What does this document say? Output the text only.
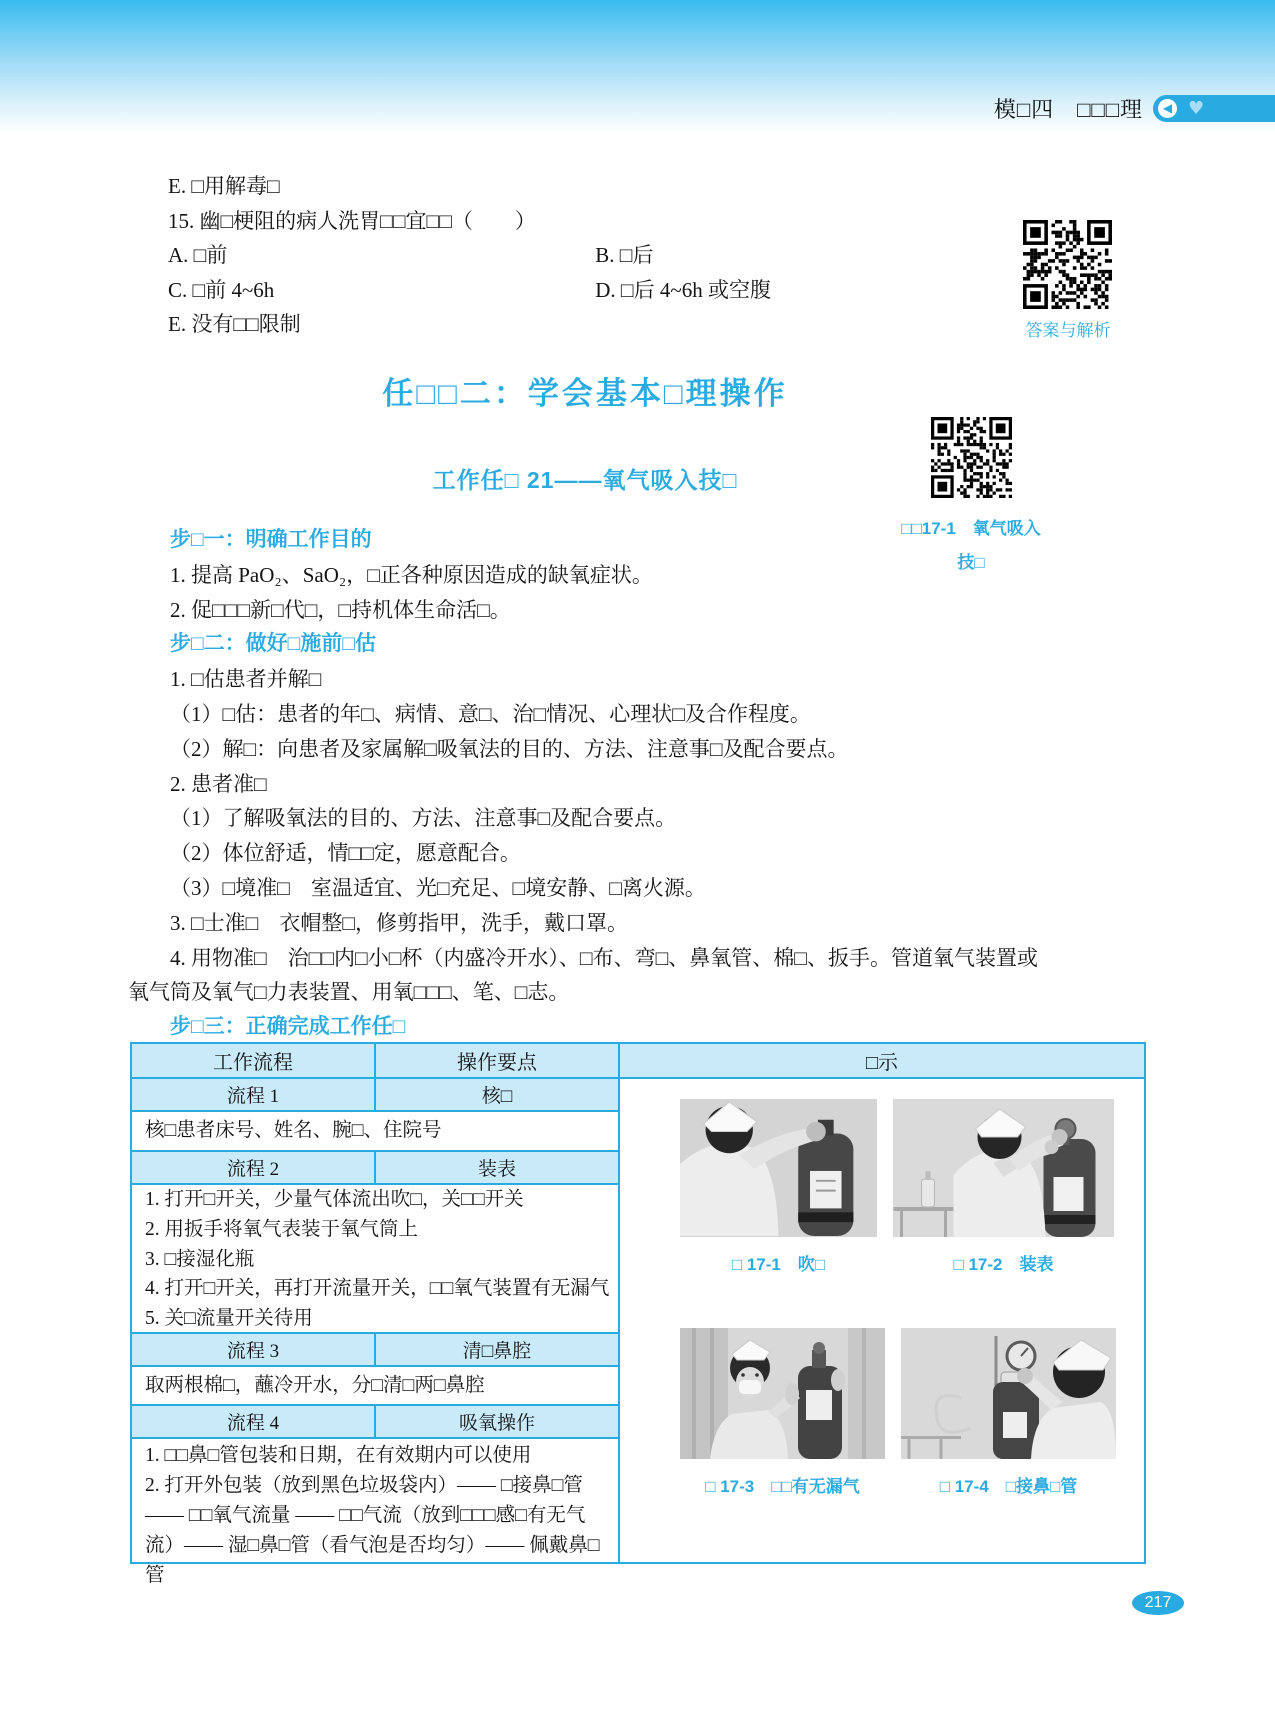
模□四　□□□理	◀ ♥
E. □用解毒□
15. 幽□梗阻的病人洗胃□□宜□□（　　）
A. □前	B. □后
C. □前 4~6h	D. □后 4~6h 或空腹
E. 没有□□限制	答案与解析
任□□二：学会基本□理操作
工作任□ 21——氧气吸入技□
□□17-1　氧气吸入
技□

步□一：明确工作目的

1. 提高 PaO₂、SaO₂，□正各种原因造成的缺氧症状。

2. 促□□□新□代□，□持机体生命活□。

步□二：做好□施前□估

1. □估患者并解□

（1）□估：患者的年□、病情、意□、治□情况、心理状□及合作程度。

（2）解□：向患者及家属解□吸氧法的目的、方法、注意事□及配合要点。

2. 患者准□

（1）了解吸氧法的目的、方法、注意事□及配合要点。

（2）体位舒适，情□□定，愿意配合。

（3）□境准□　室温适宜、光□充足、□境安静、□离火源。

3. □士准□　衣帽整□，修剪指甲，洗手，戴口罩。

4. 用物准□　治□□内□小□杯（内盛冷开水）、□布、弯□、鼻氧管、棉□、扳手。管道氧气装置或氧气筒及氧气□力表装置、用氧□□□、笔、□志。

步□三：正确完成工作任□

工作流程	操作要点
流程 1	核□
核□患者床号、姓名、腕□、住院号
流程 2	装表
1. 打开□开关，少量气体流出吹□，关□□开关
2. 用扳手将氧气表装于氧气筒上
3. □接湿化瓶
4. 打开□开关，再打开流量开关，□□氧气装置有无漏气
5. 关□流量开关待用
流程 3	清□鼻腔
取两根棉□，蘸冷开水，分□清□两□鼻腔
流程 4	吸氧操作
1. □□鼻□管包装和日期，在有效期内可以使用
2. 打开外包装（放到黑色垃圾袋内）—— □接鼻□管 —— □□氧气流量 —— □□气流（放到□□□感□有无气流）—— 湿□鼻□管（看气泡是否均匀）—— 佩戴鼻□管
□示
□ 17-1　吹□	□ 17-2　装表
□ 17-3　□□有无漏气	□ 17-4　□接鼻□管
217
